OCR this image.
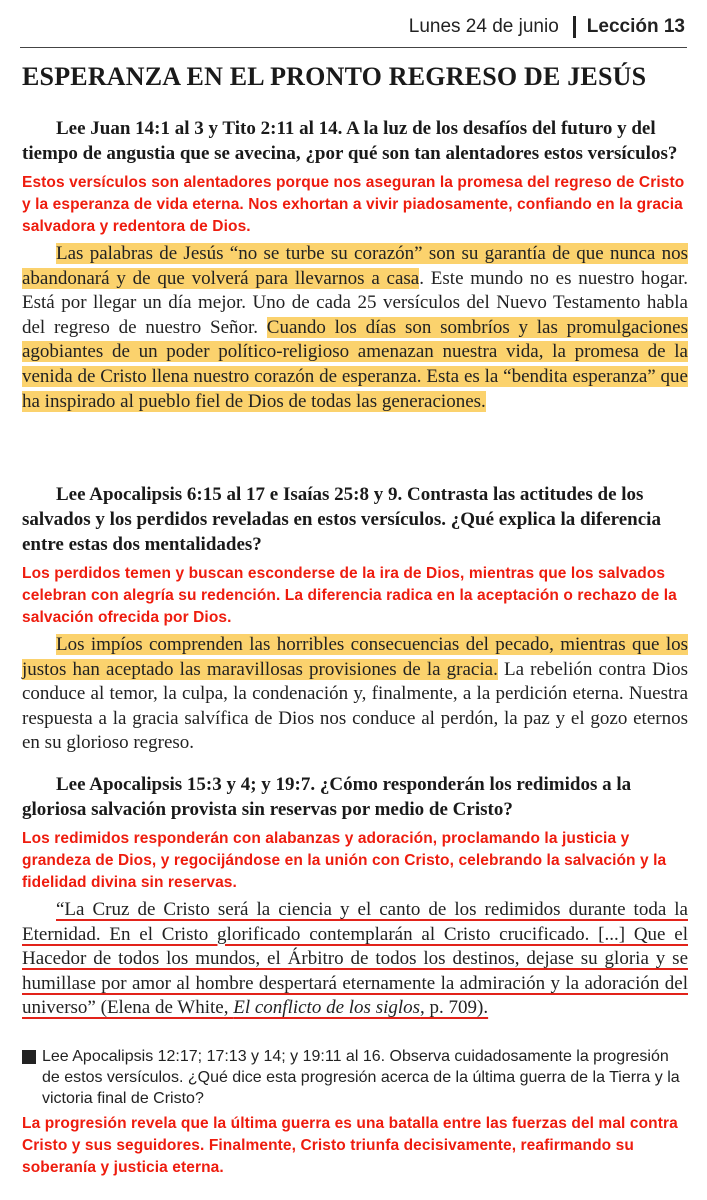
Lunes 24 de junio Lección 13
ESPERANZA EN EL PRONTO REGRESO DE JESÚS

Lee Juan 14:1 al 3 y Tito 2:11 al 14. A la luz de los desafíos del futuro y del tiempo de angustia que se avecina, ¿por qué son tan alentadores estos versículos?

Estos versículos son alentadores porque nos aseguran la promesa del regreso de Cristo y la esperanza de vida eterna. Nos exhortan a vivir piadosamente, confiando en la gracia salvadora y redentora de Dios.

Las palabras de Jesús “no se turbe su corazón” son su garantía de que nunca nos abandonará y de que volverá para llevarnos a casa. Este mundo no es nuestro hogar. Está por llegar un día mejor. Uno de cada 25 versículos del Nuevo Testamento habla del regreso de nuestro Señor. Cuando los días son sombríos y las promulgaciones agobiantes de un poder político-religioso amenazan nuestra vida, la promesa de la venida de Cristo llena nuestro corazón de esperanza. Esta es la “bendita esperanza” que ha inspirado al pueblo fiel de Dios de todas las generaciones.

Lee Apocalipsis 6:15 al 17 e Isaías 25:8 y 9. Contrasta las actitudes de los salvados y los perdidos reveladas en estos versículos. ¿Qué explica la diferencia entre estas dos mentalidades?

Los perdidos temen y buscan esconderse de la ira de Dios, mientras que los salvados celebran con alegría su redención. La diferencia radica en la aceptación o rechazo de la salvación ofrecida por Dios.

Los impíos comprenden las horribles consecuencias del pecado, mientras que los justos han aceptado las maravillosas provisiones de la gracia. La rebelión contra Dios conduce al temor, la culpa, la condenación y, finalmente, a la perdición eterna. Nuestra respuesta a la gracia salvífica de Dios nos conduce al perdón, la paz y el gozo eternos en su glorioso regreso.

Lee Apocalipsis 15:3 y 4; y 19:7. ¿Cómo responderán los redimidos a la gloriosa salvación provista sin reservas por medio de Cristo?

Los redimidos responderán con alabanzas y adoración, proclamando la justicia y grandeza de Dios, y regocijándose en la unión con Cristo, celebrando la salvación y la fidelidad divina sin reservas.

“La Cruz de Cristo será la ciencia y el canto de los redimidos durante toda la Eternidad. En el Cristo glorificado contemplarán al Cristo crucificado. [...] Que el Hacedor de todos los mundos, el Árbitro de todos los destinos, dejase su gloria y se humillase por amor al hombre despertará eternamente la admiración y la adoración del universo” (Elena de White, El conflicto de los siglos, p. 709).

Lee Apocalipsis 12:17; 17:13 y 14; y 19:11 al 16. Observa cuidadosamente la progresión de estos versículos. ¿Qué dice esta progresión acerca de la última guerra de la Tierra y la victoria final de Cristo?

La progresión revela que la última guerra es una batalla entre las fuerzas del mal contra Cristo y sus seguidores. Finalmente, Cristo triunfa decisivamente, reafirmando su soberanía y justicia eterna.
